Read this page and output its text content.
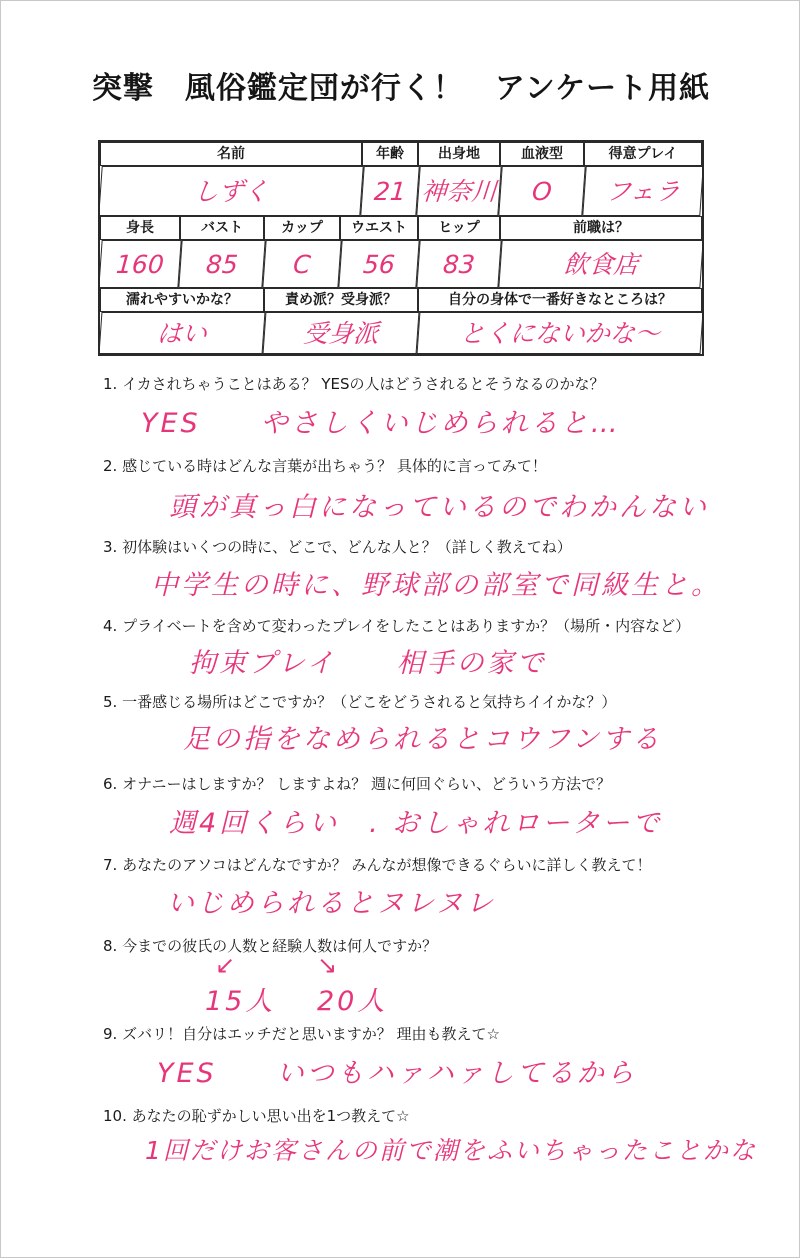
突撃　風俗鑑定団が行く！　アンケート用紙
名前	年齢	出身地	血液型	得意プレイ
しずく	21 神奈川	O	フェラ
身長	バスト	カップ	ウエスト	ヒップ	前職は？
160	85	C	56	83	飲食店
濡れやすいかな？	責め派？受身派？	自分の身体で一番好きなところは？
はい	受身派	とくにないかな～
1. イカされちゃうことはある？ YESの人はどうされるとそうなるのかな？
YES　　やさしくいじめられると…
2. 感じている時はどんな言葉が出ちゃう？ 具体的に言ってみて！
頭が真っ白になっているのでわかんない
3. 初体験はいくつの時に、どこで、どんな人と？（詳しく教えてね）
中学生の時に、野球部の部室で同級生と。
4. プライベートを含めて変わったプレイをしたことはありますか？（場所・内容など）
拘束プレイ　　相手の家で
5. 一番感じる場所はどこですか？（どこをどうされると気持ちイイかな？）
足の指をなめられるとコウフンする
6. オナニーはしますか？ しますよね？ 週に何回ぐらい、どういう方法で？
週4回くらい　. おしゃれローターで
7. あなたのアソコはどんなですか？ みんなが想像できるぐらいに詳しく教えて！
いじめられるとヌレヌレ
8. 今までの彼氏の人数と経験人数は何人ですか？
↙	↘
15人 20人
9. ズバリ！自分はエッチだと思いますか？ 理由も教えて☆
YES　　いつもハァハァしてるから
10. あなたの恥ずかしい思い出を1つ教えて☆
1回だけお客さんの前で潮をふいちゃったことかな
